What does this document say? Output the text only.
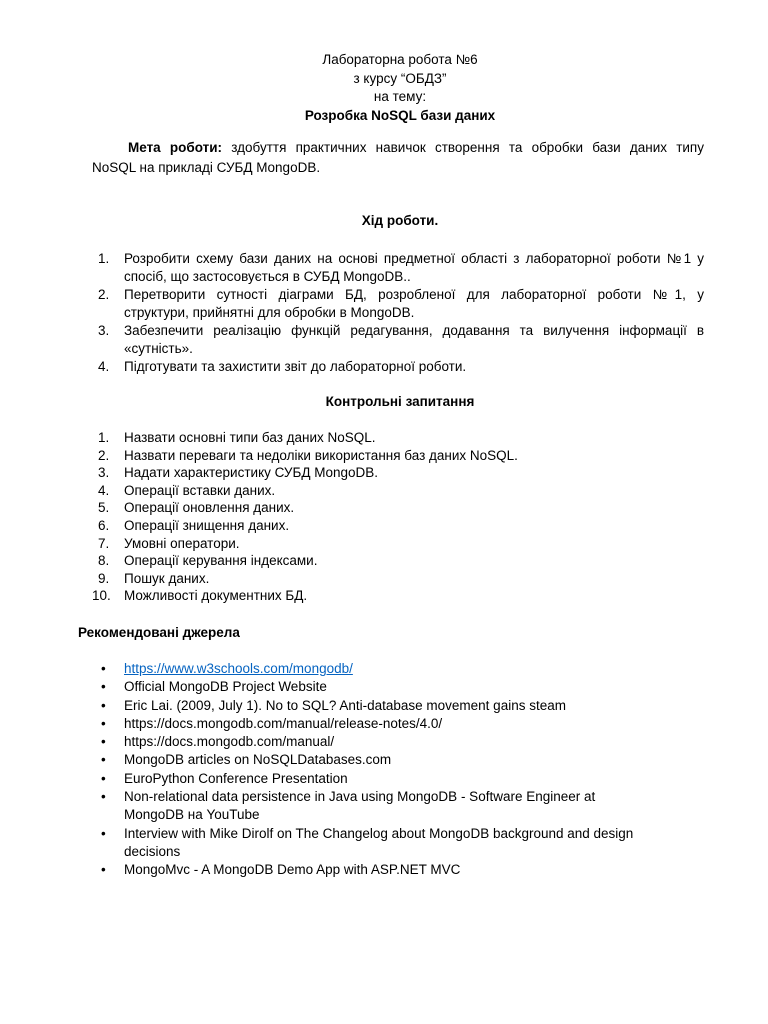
Лабораторна робота №6
з курсу “ОБДЗ”
на тему:
Розробка NoSQL бази даних
Мета роботи: здобуття практичних навичок створення та обробки бази даних типу
NoSQL на прикладі СУБД MongoDB.
Хід роботи.
1. Розробити схему бази даних на основі предметної області з лабораторної роботи №1 у
спосіб, що застосовується в СУБД MongoDB..
2. Перетворити сутності діаграми БД, розробленої для лабораторної роботи №1, у
структури, прийнятні для обробки в MongoDB.
3. Забезпечити реалізацію функцій редагування, додавання та вилучення інформації в
«сутність».
4. Підготувати та захистити звіт до лабораторної роботи.
Контрольні запитання
1. Назвати основні типи баз даних NoSQL.
2. Назвати переваги та недоліки використання баз даних NoSQL.
3. Надати характеристику СУБД MongoDB.
4. Операції вставки даних.
5. Операції оновлення даних.
6. Операції знищення даних.
7. Умовні оператори.
8. Операції керування індексами.
9. Пошук даних.
10. Можливості документних БД.
Рекомендовані джерела
• https://www.w3schools.com/mongodb/
• Official MongoDB Project Website
• Eric Lai. (2009, July 1). No to SQL? Anti-database movement gains steam
• https://docs.mongodb.com/manual/release-notes/4.0/
• https://docs.mongodb.com/manual/
• MongoDB articles on NoSQLDatabases.com
• EuroPython Conference Presentation
• Non-relational data persistence in Java using MongoDB - Software Engineer at
MongoDB на YouTube
• Interview with Mike Dirolf on The Changelog about MongoDB background and design
decisions
• MongoMvc - A MongoDB Demo App with ASP.NET MVC
